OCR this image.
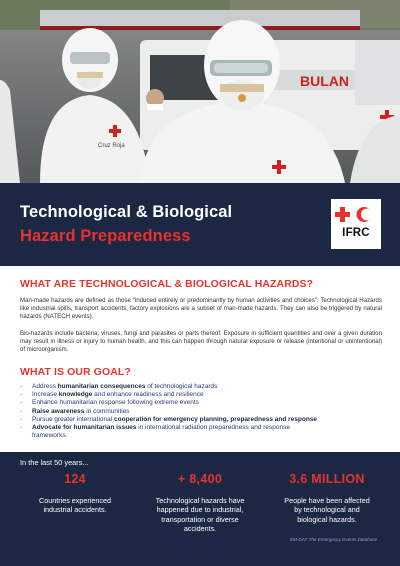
BULAN
Cruz Roja
Technological & Biological
Hazard Preparedness	IFRC
WHAT ARE TECHNOLOGICAL & BIOLOGICAL HAZARDS?
Man-made hazards are defined as those “induced entirely or predominantly by human activities and choices”. Technological Hazards like industrial spills, transport accidents, factory explosions are a subset of man-made hazards. They can also be triggered by natural hazards (NATECH events).
Bio-hazards include bacteria, viruses, fungi and parasites or parts thereof. Exposure in sufficient quantities and over a given duration may result in illness or injury to human health, and this can happen through natural exposure or release (intentional or unintentional) of microorganism.
WHAT IS OUR GOAL?
- Address humanitarian consequences of technological hazards
- Increase knowledge and enhance readiness and resilience
- Enhance humanitarian response following extreme events
- Raise awareness in communities
- Pursue greater international cooperation for emergency planning, preparedness and response
- Advocate for humanitarian issues in international radiation preparedness and response
frameworks.
In the last 50 years...
124
Countries experienced
industrial accidents.
+ 8,400
Technological hazards have
happened due to industrial,
transportation or diverse
accidents.
3.6 MILLION
People have been affected
by technological and
biological hazards.
EM-DAT The Emergency Events Database
